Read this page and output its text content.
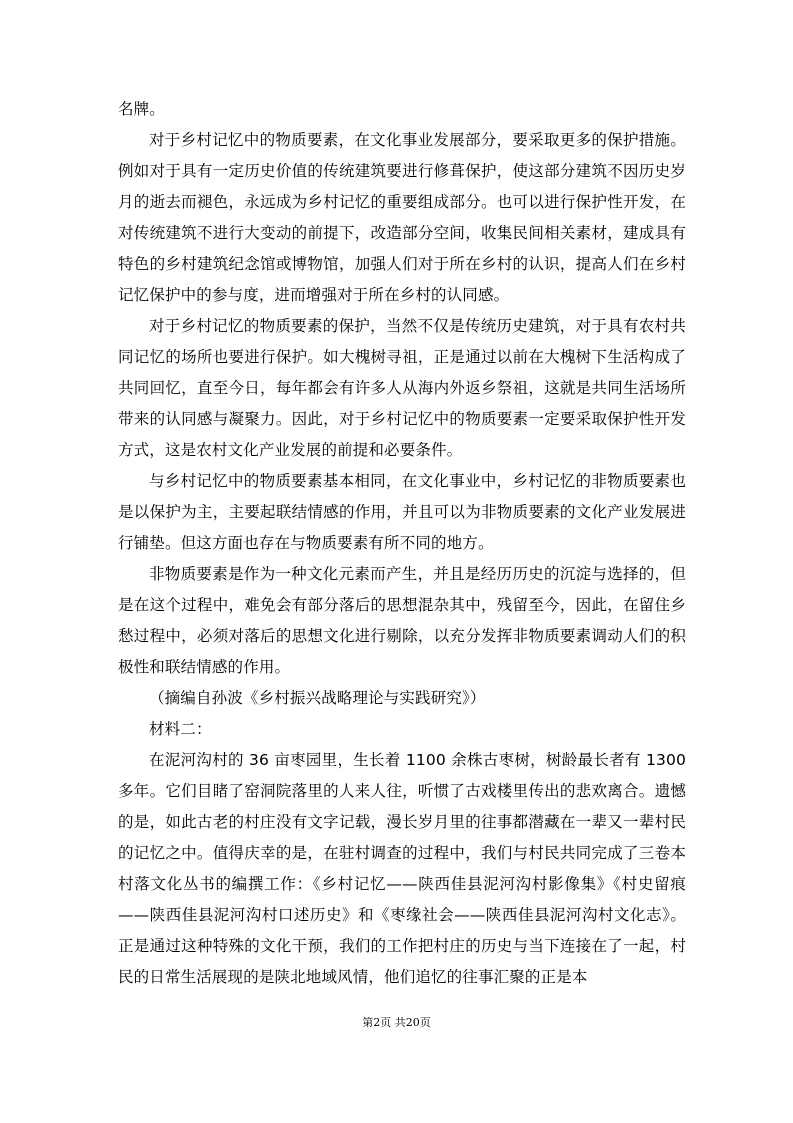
名牌。

对于乡村记忆中的物质要素，在文化事业发展部分，要采取更多的保护措施。例如对于具有一定历史价值的传统建筑要进行修葺保护，使这部分建筑不因历史岁月的逝去而褪色，永远成为乡村记忆的重要组成部分。也可以进行保护性开发，在对传统建筑不进行大变动的前提下，改造部分空间，收集民间相关素材，建成具有特色的乡村建筑纪念馆或博物馆，加强人们对于所在乡村的认识，提高人们在乡村记忆保护中的参与度，进而增强对于所在乡村的认同感。

对于乡村记忆的物质要素的保护，当然不仅是传统历史建筑，对于具有农村共同记忆的场所也要进行保护。如大槐树寻祖，正是通过以前在大槐树下生活构成了共同回忆，直至今日，每年都会有许多人从海内外返乡祭祖，这就是共同生活场所带来的认同感与凝聚力。因此，对于乡村记忆中的物质要素一定要采取保护性开发方式，这是农村文化产业发展的前提和必要条件。

与乡村记忆中的物质要素基本相同，在文化事业中，乡村记忆的非物质要素也是以保护为主，主要起联结情感的作用，并且可以为非物质要素的文化产业发展进行铺垫。但这方面也存在与物质要素有所不同的地方。

非物质要素是作为一种文化元素而产生，并且是经历历史的沉淀与选择的，但是在这个过程中，难免会有部分落后的思想混杂其中，残留至今，因此，在留住乡愁过程中，必须对落后的思想文化进行剔除，以充分发挥非物质要素调动人们的积极性和联结情感的作用。

（摘编自孙波《乡村振兴战略理论与实践研究》）

材料二：

在泥河沟村的 36 亩枣园里，生长着 1100 余株古枣树，树龄最长者有 1300 多年。它们目睹了窑洞院落里的人来人往，听惯了古戏楼里传出的悲欢离合。遗憾的是，如此古老的村庄没有文字记载，漫长岁月里的往事都潜藏在一辈又一辈村民的记忆之中。值得庆幸的是，在驻村调查的过程中，我们与村民共同完成了三卷本村落文化丛书的编撰工作：《乡村记忆——陕西佳县泥河沟村影像集》《村史留痕——陕西佳县泥河沟村口述历史》和《枣缘社会——陕西佳县泥河沟村文化志》。正是通过这种特殊的文化干预，我们的工作把村庄的历史与当下连接在了一起，村民的日常生活展现的是陕北地域风情，他们追忆的往事汇聚的正是本

第2页 共20页
